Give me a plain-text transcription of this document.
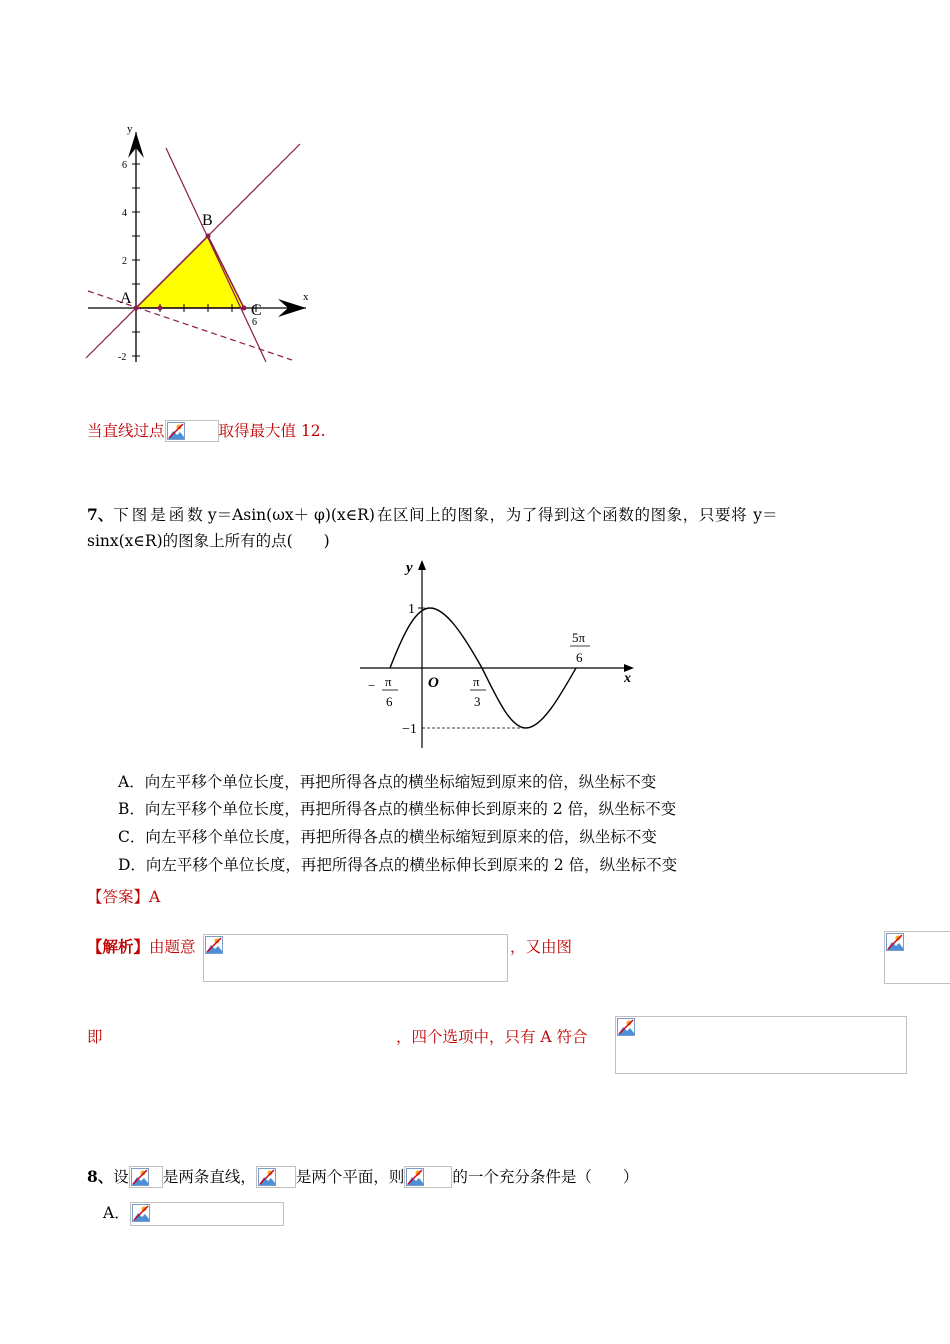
y
x
6
4
2
-2
6
A
B
C
当直线过点	取得最大值 12.
7、下图是函数 y＝Asin(ωx＋ φ)(x∈R) 在区间上的图象，为了得到这个函数的图象，只要将 y＝
sinx(x∈R)的图象上所有的点(　　)
y
x
O
1
−1
− π
6
π
3
5π
6
A．向左平移个单位长度，再把所得各点的横坐标缩短到原来的倍，纵坐标不变
B．向左平移个单位长度，再把所得各点的横坐标伸长到原来的 2 倍，纵坐标不变
C．向左平移个单位长度，再把所得各点的横坐标缩短到原来的倍，纵坐标不变
D．向左平移个单位长度，再把所得各点的横坐标伸长到原来的 2 倍，纵坐标不变
【答案】A
【解析】由题意
	，又由图

即	，四个选项中，只有 A 符合
8、设 是两条直线，	是两个平面，则	的一个充分条件是（　　）
A．
